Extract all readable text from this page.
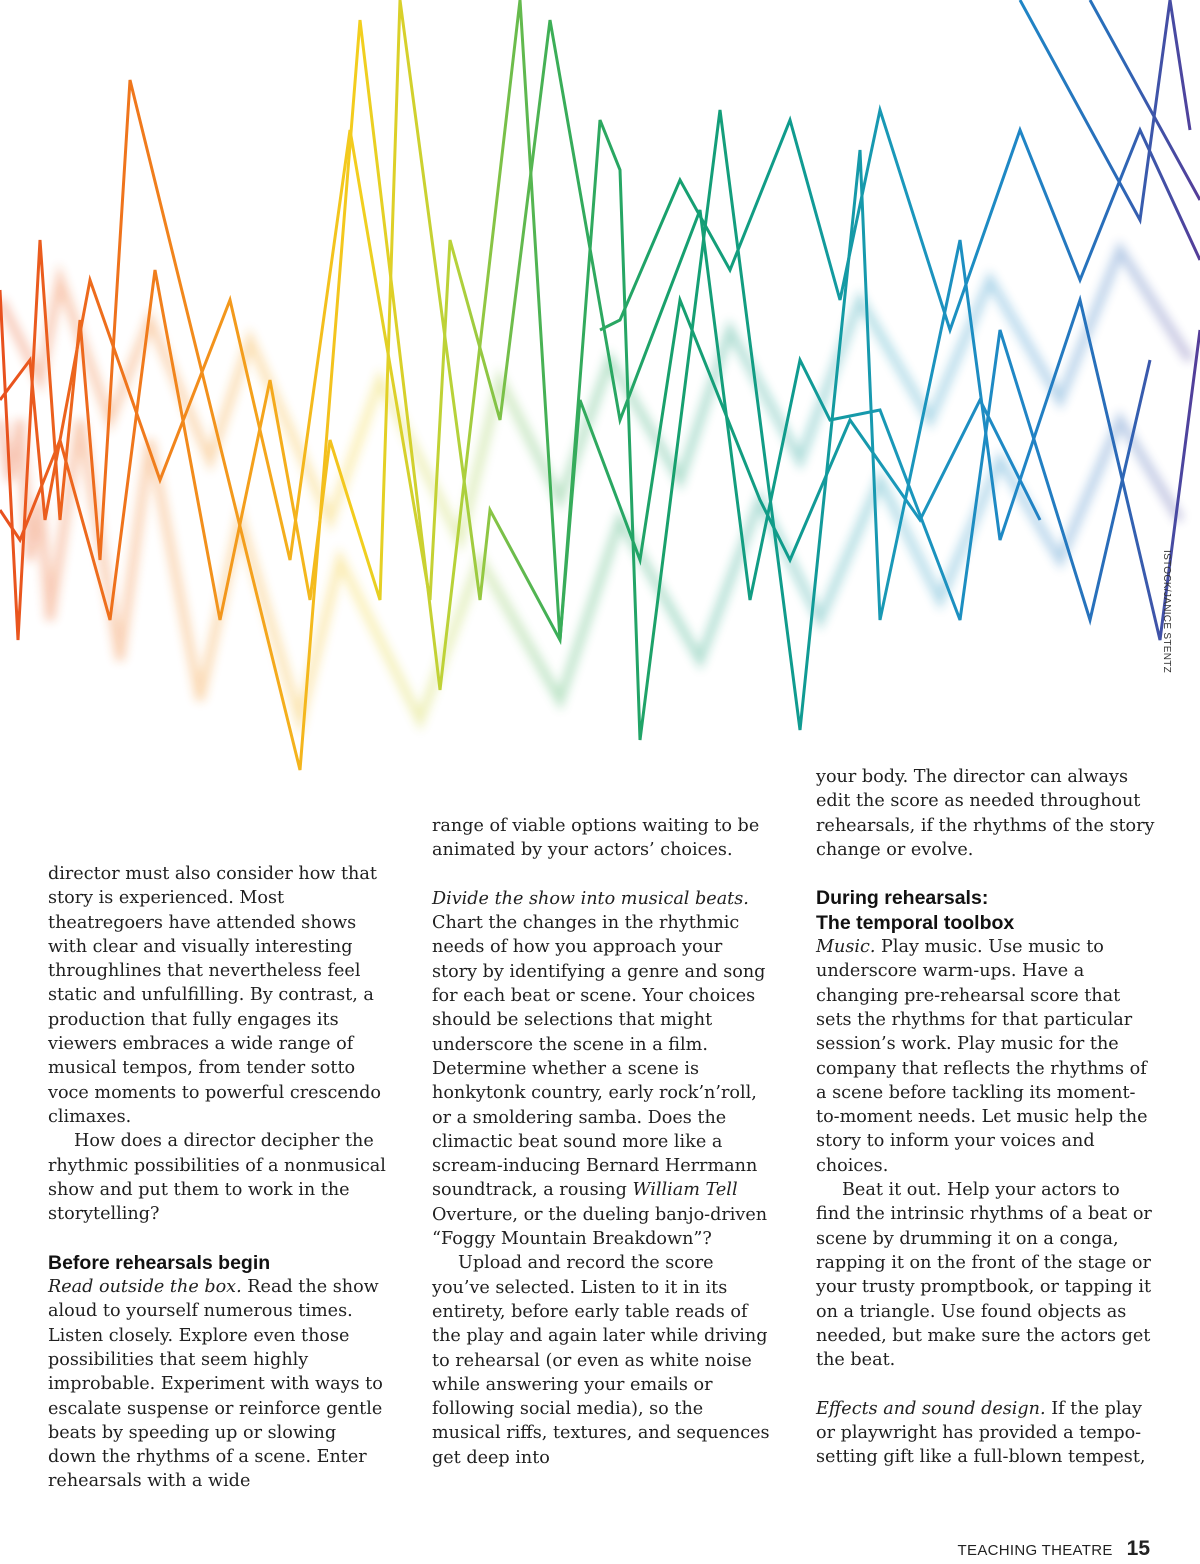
ISTOCK/JANICE STENTZ

director must also consider how that story is experienced. Most theatregoers have attended shows with clear and visually interesting throughlines that nevertheless feel static and unfulfilling. By contrast, a production that fully engages its viewers embraces a wide range of musical tempos, from tender sotto voce moments to powerful crescendo climaxes.

How does a director decipher the rhythmic possibilities of a nonmusical show and put them to work in the storytelling?

Before rehearsals begin

Read outside the box. Read the show aloud to yourself numerous times. Listen closely. Explore even those possibilities that seem highly improbable. Experiment with ways to escalate suspense or reinforce gentle beats by speeding up or slowing down the rhythms of a scene. Enter rehearsals with a wide

range of viable options waiting to be animated by your actors’ choices.

Divide the show into musical beats. Chart the changes in the rhythmic needs of how you approach your story by identifying a genre and song for each beat or scene. Your choices should be selections that might underscore the scene in a film. Determine whether a scene is honkytonk country, early rock’n’roll, or a smoldering samba. Does the climactic beat sound more like a scream-inducing Bernard Herrmann soundtrack, a rousing William Tell Overture, or the dueling banjo-driven “Foggy Mountain Breakdown”?

Upload and record the score you’ve selected. Listen to it in its entirety, before early table reads of the play and again later while driving to rehearsal (or even as white noise while answering your emails or following social media), so the musical riffs, textures, and sequences get deep into

your body. The director can always edit the score as needed throughout rehearsals, if the rhythms of the story change or evolve.

During rehearsals:
The temporal toolbox

Music. Play music. Use music to underscore warm-ups. Have a changing pre-rehearsal score that sets the rhythms for that particular session’s work. Play music for the company that reflects the rhythms of a scene before tackling its moment-to-moment needs. Let music help the story to inform your voices and choices.

Beat it out. Help your actors to find the intrinsic rhythms of a beat or scene by drumming it on a conga, rapping it on the front of the stage or your trusty promptbook, or tapping it on a triangle. Use found objects as needed, but make sure the actors get the beat.

Effects and sound design. If the play or playwright has provided a tempo-setting gift like a full-blown tempest,

TEACHING THEATRE 15
